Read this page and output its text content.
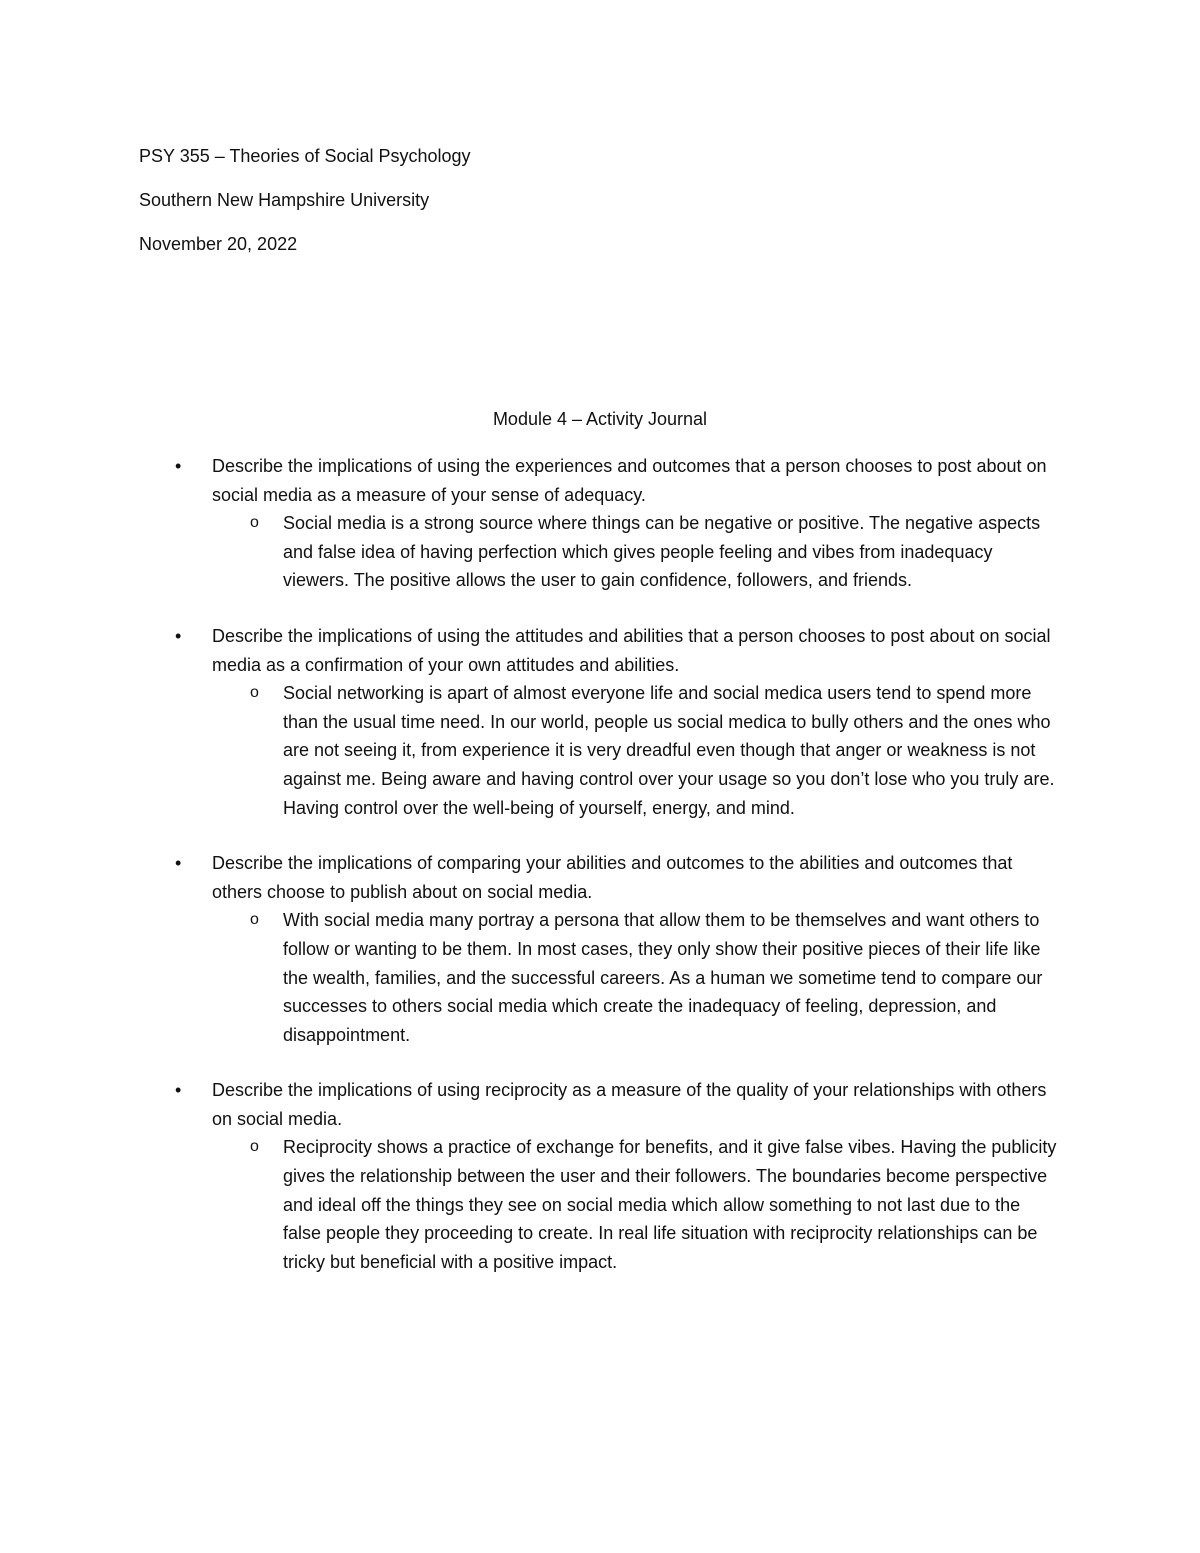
PSY 355 – Theories of Social Psychology
Southern New Hampshire University
November 20, 2022
Module 4 – Activity Journal

• Describe the implications of using the experiences and outcomes that a person chooses to post about on social media as a measure of your sense of adequacy.

o Social media is a strong source where things can be negative or positive. The negative aspects and false idea of having perfection which gives people feeling and vibes from inadequacy viewers. The positive allows the user to gain confidence, followers, and friends.

• Describe the implications of using the attitudes and abilities that a person chooses to post about on social media as a confirmation of your own attitudes and abilities.

o Social networking is apart of almost everyone life and social medica users tend to spend more than the usual time need. In our world, people us social medica to bully others and the ones who are not seeing it, from experience it is very dreadful even though that anger or weakness is not against me. Being aware and having control over your usage so you don’t lose who you truly are. Having control over the well-being of yourself, energy, and mind.

• Describe the implications of comparing your abilities and outcomes to the abilities and outcomes that others choose to publish about on social media.

o With social media many portray a persona that allow them to be themselves and want others to follow or wanting to be them. In most cases, they only show their positive pieces of their life like the wealth, families, and the successful careers. As a human we sometime tend to compare our successes to others social media which create the inadequacy of feeling, depression, and disappointment.

• Describe the implications of using reciprocity as a measure of the quality of your relationships with others on social media.

o Reciprocity shows a practice of exchange for benefits, and it give false vibes. Having the publicity gives the relationship between the user and their followers. The boundaries become perspective and ideal off the things they see on social media which allow something to not last due to the false people they proceeding to create. In real life situation with reciprocity relationships can be tricky but beneficial with a positive impact.
